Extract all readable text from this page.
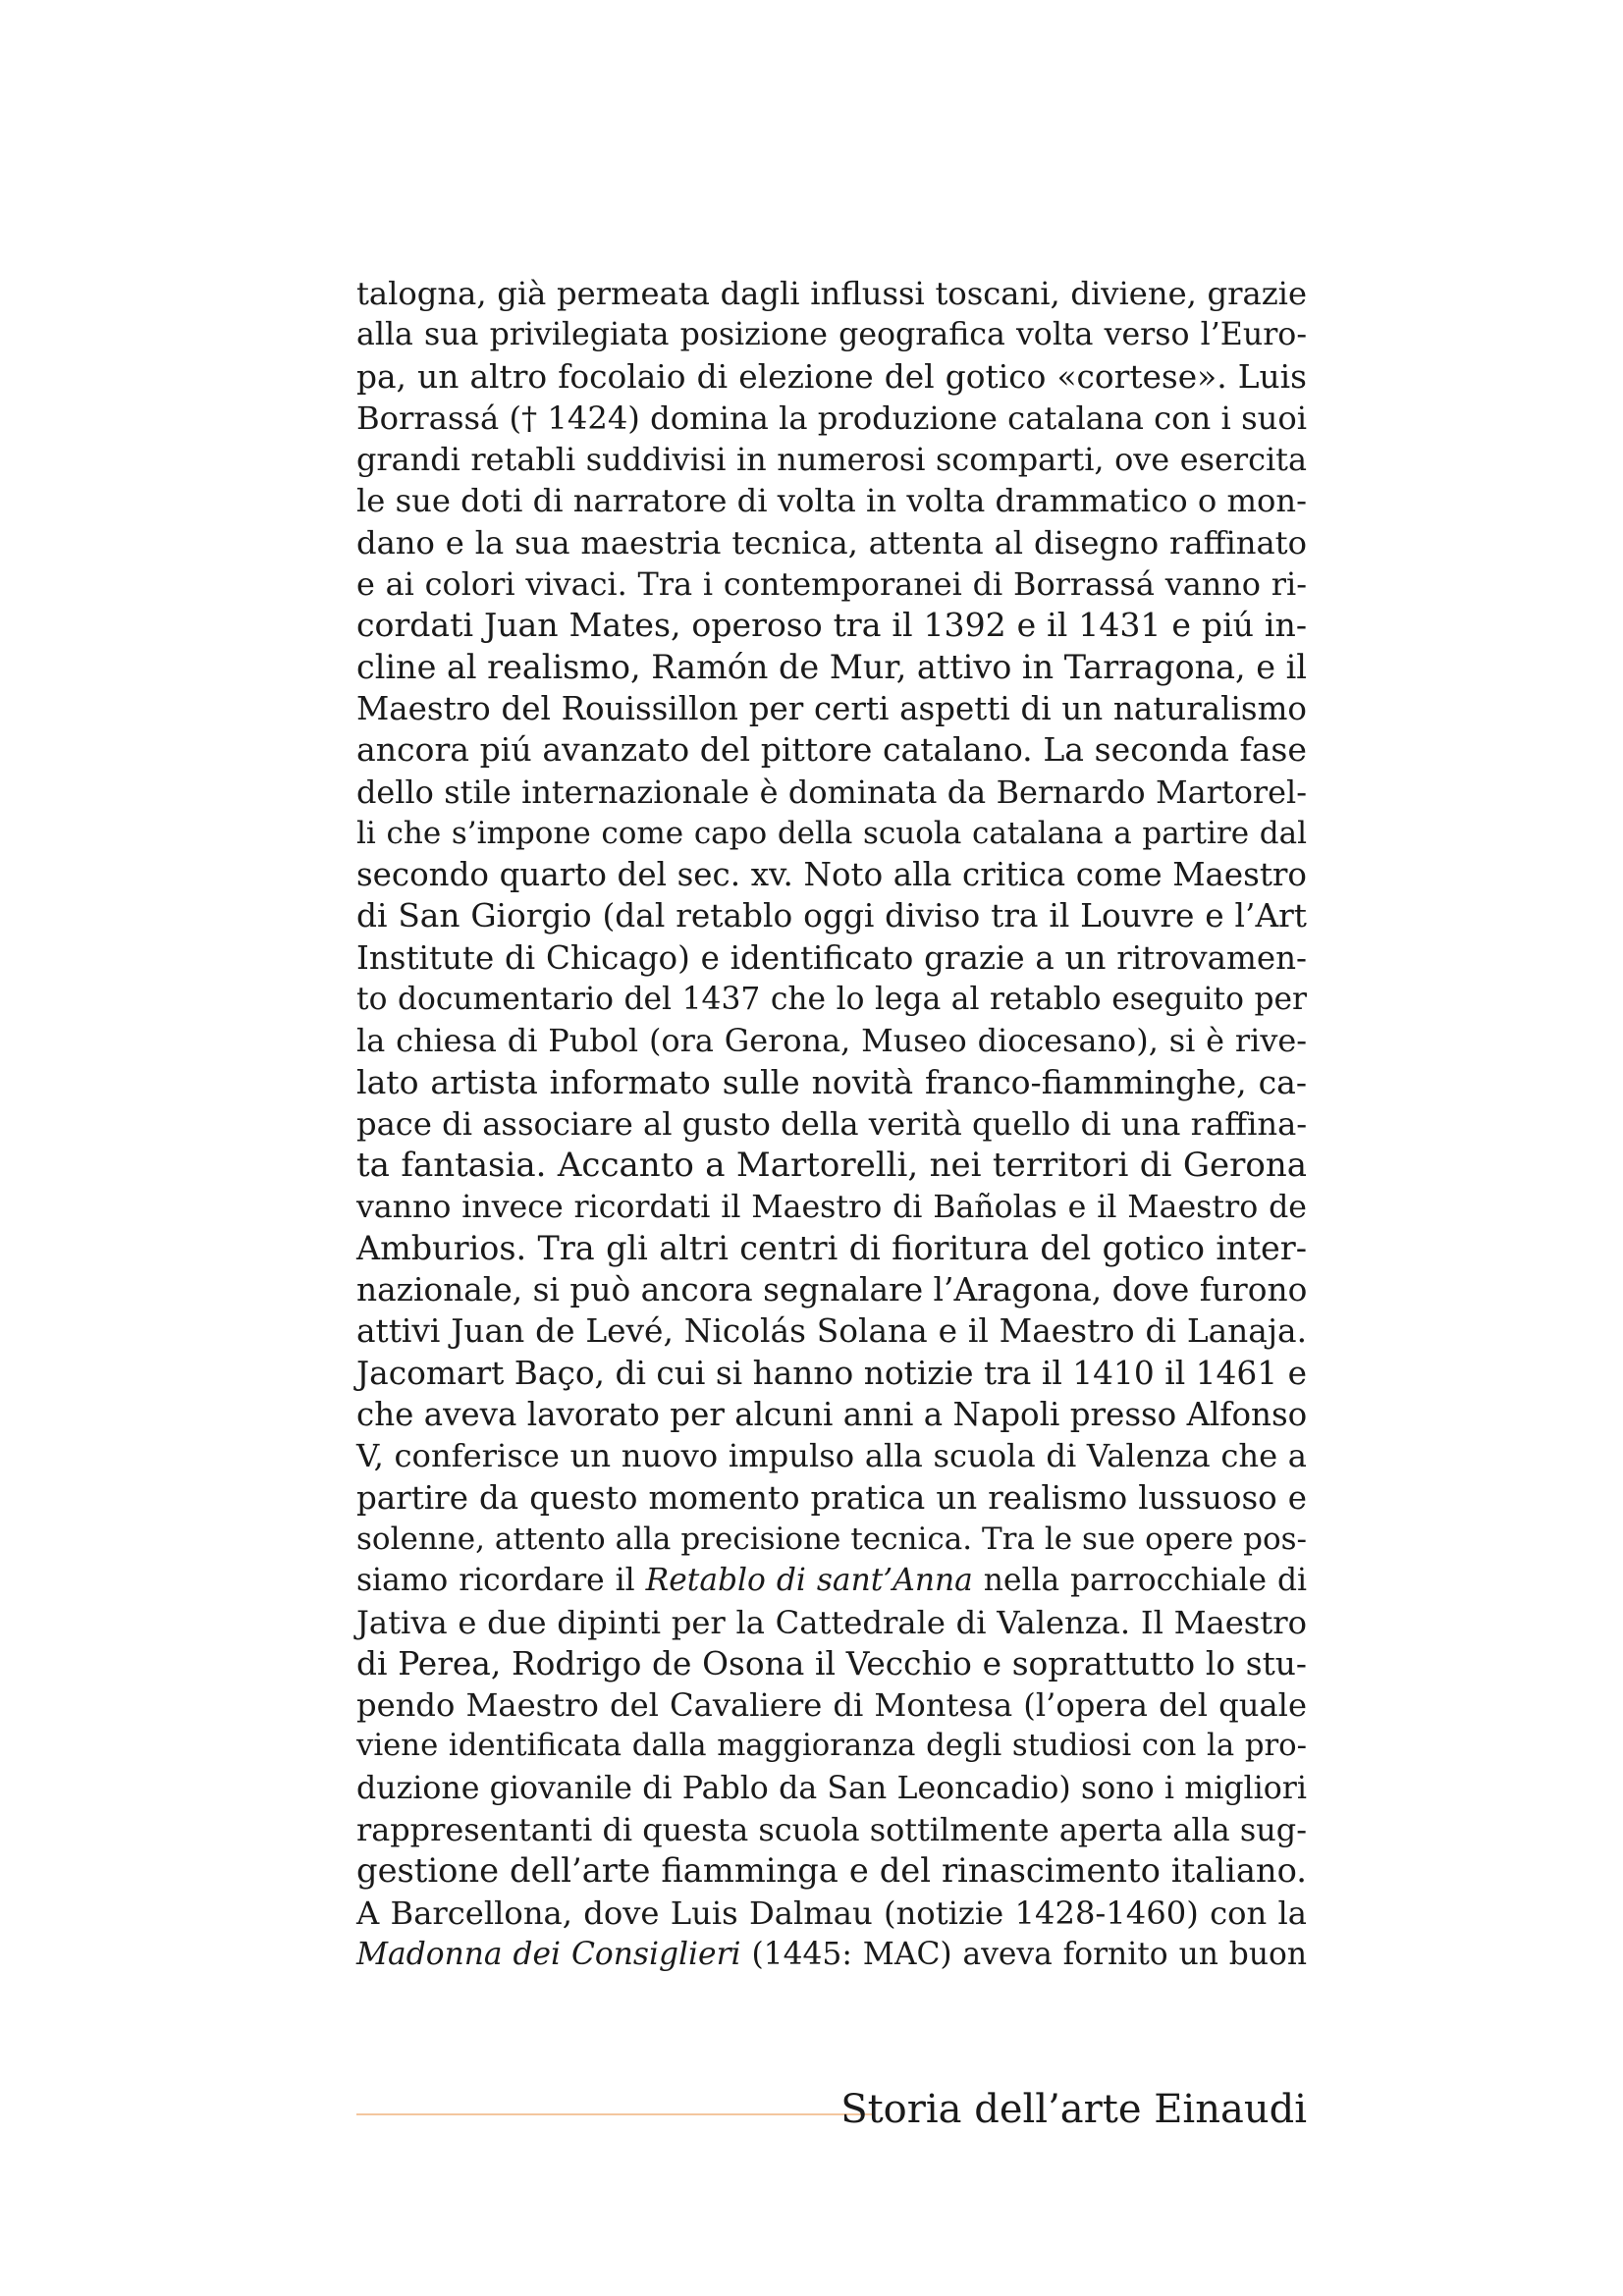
talogna, già permeata dagli influssi toscani, diviene, grazie
alla sua privilegiata posizione geografica volta verso l’Euro-
pa, un altro focolaio di elezione del gotico «cortese». Luis
Borrassá († 1424) domina la produzione catalana con i suoi
grandi retabli suddivisi in numerosi scomparti, ove esercita
le sue doti di narratore di volta in volta drammatico o mon-
dano e la sua maestria tecnica, attenta al disegno raffinato
e ai colori vivaci. Tra i contemporanei di Borrassá vanno ri-
cordati Juan Mates, operoso tra il 1392 e il 1431 e piú in-
cline al realismo, Ramón de Mur, attivo in Tarragona, e il
Maestro del Rouissillon per certi aspetti di un naturalismo
ancora piú avanzato del pittore catalano. La seconda fase
dello stile internazionale è dominata da Bernardo Martorel-
li che s’impone come capo della scuola catalana a partire dal
secondo quarto del sec. xv. Noto alla critica come Maestro
di San Giorgio (dal retablo oggi diviso tra il Louvre e l’Art
Institute di Chicago) e identificato grazie a un ritrovamen-
to documentario del 1437 che lo lega al retablo eseguito per
la chiesa di Pubol (ora Gerona, Museo diocesano), si è rive-
lato artista informato sulle novità franco-fiamminghe, ca-
pace di associare al gusto della verità quello di una raffina-
ta fantasia. Accanto a Martorelli, nei territori di Gerona
vanno invece ricordati il Maestro di Bañolas e il Maestro de
Amburios. Tra gli altri centri di fioritura del gotico inter-
nazionale, si può ancora segnalare l’Aragona, dove furono
attivi Juan de Levé, Nicolás Solana e il Maestro di Lanaja.
Jacomart Baço, di cui si hanno notizie tra il 1410 il 1461 e
che aveva lavorato per alcuni anni a Napoli presso Alfonso
V, conferisce un nuovo impulso alla scuola di Valenza che a
partire da questo momento pratica un realismo lussuoso e
solenne, attento alla precisione tecnica. Tra le sue opere pos-
siamo ricordare il Retablo di sant’Anna nella parrocchiale di
Jativa e due dipinti per la Cattedrale di Valenza. Il Maestro
di Perea, Rodrigo de Osona il Vecchio e soprattutto lo stu-
pendo Maestro del Cavaliere di Montesa (l’opera del quale
viene identificata dalla maggioranza degli studiosi con la pro-
duzione giovanile di Pablo da San Leoncadio) sono i migliori
rappresentanti di questa scuola sottilmente aperta alla sug-
gestione dell’arte fiamminga e del rinascimento italiano.
A Barcellona, dove Luis Dalmau (notizie 1428-1460) con la
Madonna dei Consiglieri (1445: MAC) aveva fornito un buon
Storia dell’arte Einaudi
